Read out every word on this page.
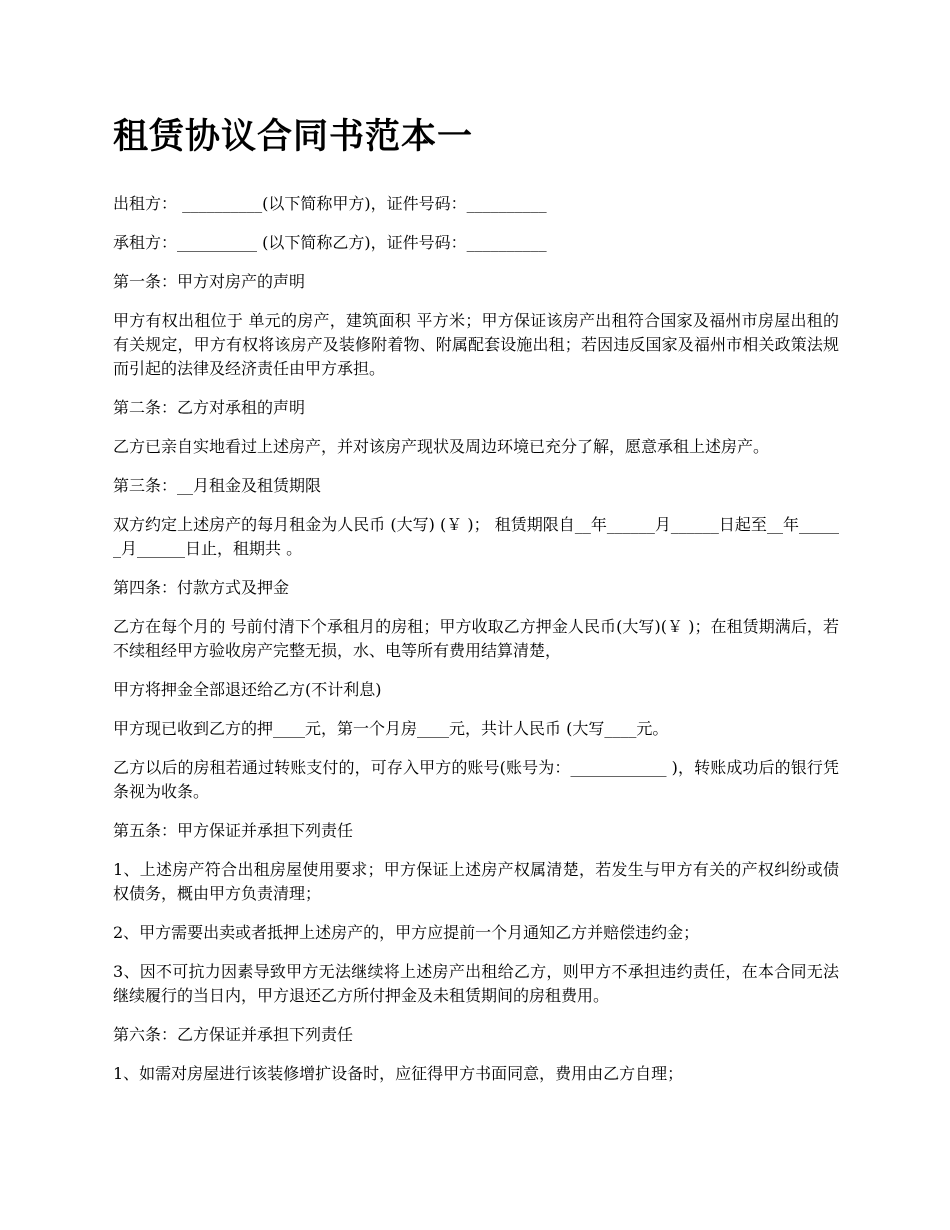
租赁协议合同书范本一

出租方： __________(以下简称甲方)，证件号码：__________

承租方：__________ (以下简称乙方)，证件号码：__________

第一条：甲方对房产的声明

甲方有权出租位于 单元的房产，建筑面积 平方米；甲方保证该房产出租符合国家及福州市房屋出租的有关规定，甲方有权将该房产及装修附着物、附属配套设施出租；若因违反国家及福州市相关政策法规而引起的法律及经济责任由甲方承担。

第二条：乙方对承租的声明

乙方已亲自实地看过上述房产，并对该房产现状及周边环境已充分了解，愿意承租上述房产。

第三条：__月租金及租赁期限

双方约定上述房产的每月租金为人民币 (大写) (￥ )； 租赁期限自__年______月______日起至__年______月______日止，租期共 。

第四条：付款方式及押金

乙方在每个月的 号前付清下个承租月的房租；甲方收取乙方押金人民币(大写)(￥ )；在租赁期满后，若不续租经甲方验收房产完整无损，水、电等所有费用结算清楚，

甲方将押金全部退还给乙方(不计利息)

甲方现已收到乙方的押____元，第一个月房____元，共计人民币 (大写____元。

乙方以后的房租若通过转账支付的，可存入甲方的账号(账号为：____________ )，转账成功后的银行凭条视为收条。

第五条：甲方保证并承担下列责任

1、上述房产符合出租房屋使用要求；甲方保证上述房产权属清楚，若发生与甲方有关的产权纠纷或债权债务，概由甲方负责清理；

2、甲方需要出卖或者抵押上述房产的，甲方应提前一个月通知乙方并赔偿违约金；

3、因不可抗力因素导致甲方无法继续将上述房产出租给乙方，则甲方不承担违约责任，在本合同无法继续履行的当日内，甲方退还乙方所付押金及未租赁期间的房租费用。

第六条：乙方保证并承担下列责任

1、如需对房屋进行该装修增扩设备时，应征得甲方书面同意，费用由乙方自理；
